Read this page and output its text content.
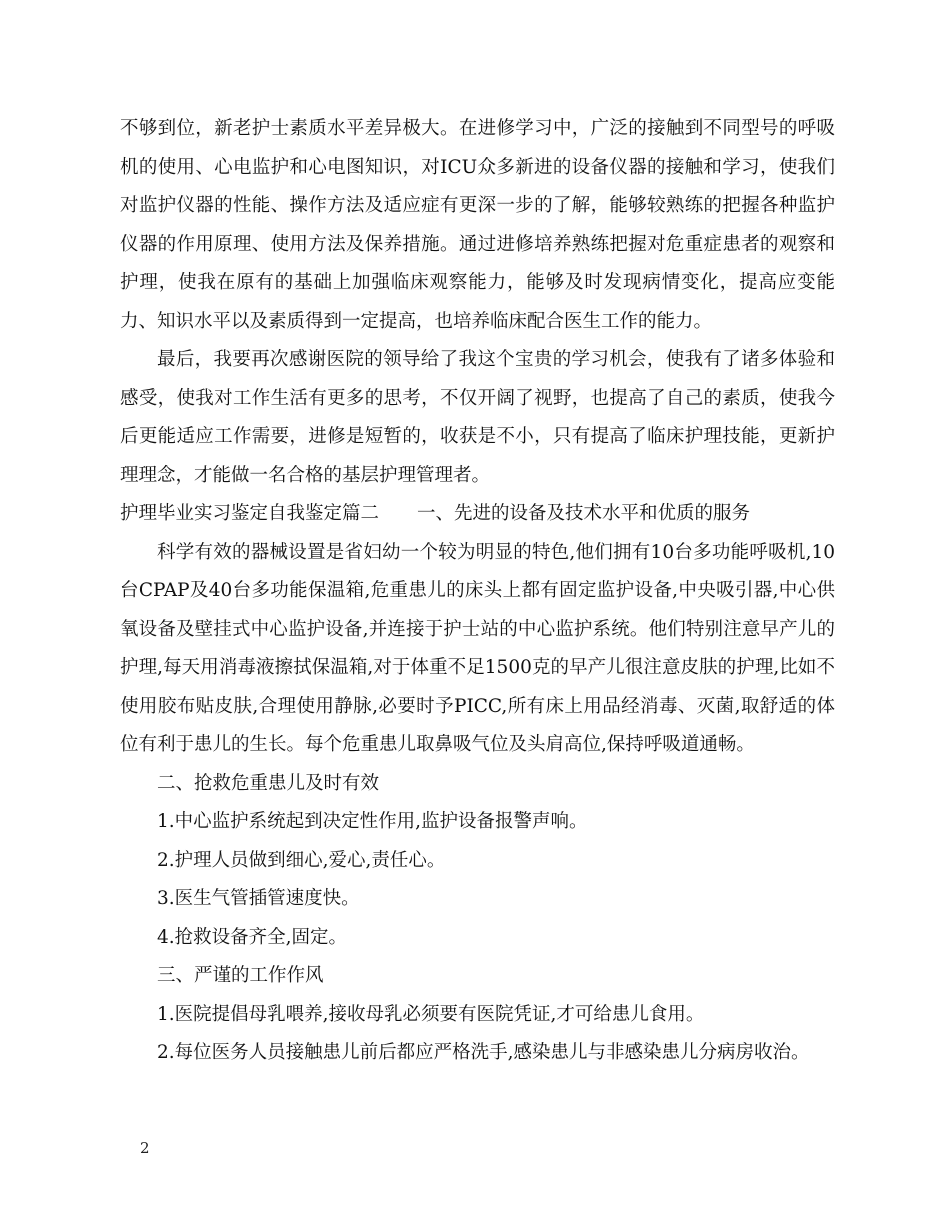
不够到位，新老护士素质水平差异极大。在进修学习中，广泛的接触到不同型号的呼吸机的使用、心电监护和心电图知识，对ICU众多新进的设备仪器的接触和学习，使我们对监护仪器的性能、操作方法及适应症有更深一步的了解，能够较熟练的把握各种监护仪器的作用原理、使用方法及保养措施。通过进修培养熟练把握对危重症患者的观察和护理，使我在原有的基础上加强临床观察能力，能够及时发现病情变化，提高应变能力、知识水平以及素质得到一定提高，也培养临床配合医生工作的能力。

最后，我要再次感谢医院的领导给了我这个宝贵的学习机会，使我有了诸多体验和感受，使我对工作生活有更多的思考，不仅开阔了视野，也提高了自己的素质，使我今后更能适应工作需要，进修是短暂的，收获是不小，只有提高了临床护理技能，更新护理理念，才能做一名合格的基层护理管理者。

护理毕业实习鉴定自我鉴定篇二 一、先进的设备及技术水平和优质的服务

科学有效的器械设置是省妇幼一个较为明显的特色,他们拥有10台多功能呼吸机,10台CPAP及40台多功能保温箱,危重患儿的床头上都有固定监护设备,中央吸引器,中心供氧设备及壁挂式中心监护设备,并连接于护士站的中心监护系统。他们特别注意早产儿的护理,每天用消毒液擦拭保温箱,对于体重不足1500克的早产儿很注意皮肤的护理,比如不使用胶布贴皮肤,合理使用静脉,必要时予PICC,所有床上用品经消毒、灭菌,取舒适的体位有利于患儿的生长。每个危重患儿取鼻吸气位及头肩高位,保持呼吸道通畅。

二、抢救危重患儿及时有效

1.中心监护系统起到决定性作用,监护设备报警声响。

2.护理人员做到细心,爱心,责任心。

3.医生气管插管速度快。

4.抢救设备齐全,固定。

三、严谨的工作作风

1.医院提倡母乳喂养,接收母乳必须要有医院凭证,才可给患儿食用。

2.每位医务人员接触患儿前后都应严格洗手,感染患儿与非感染患儿分病房收治。

2
